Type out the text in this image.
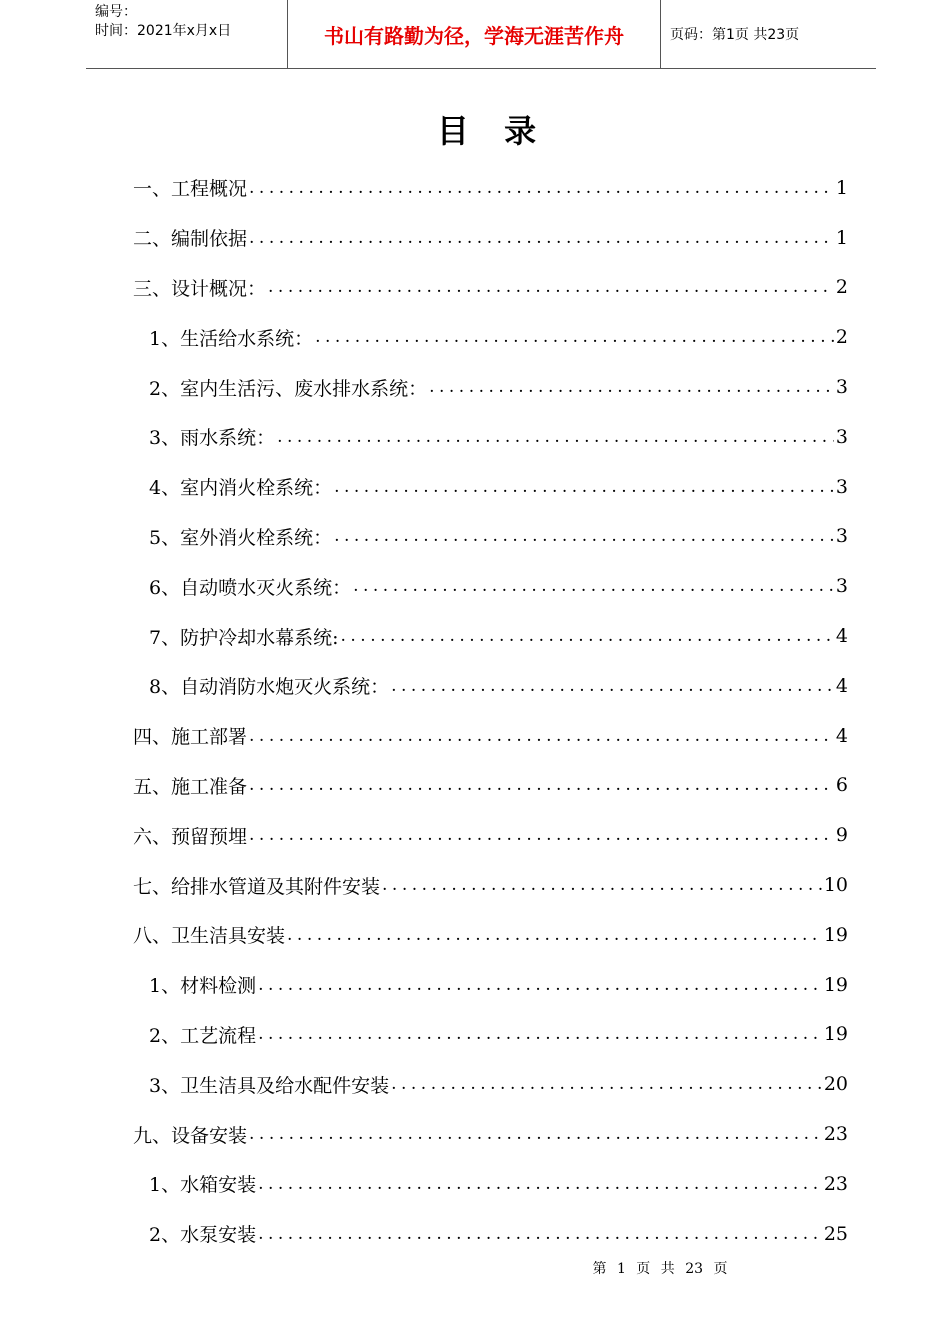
编号：
时间：2021年x月x日	书山有路勤为径，学海无涯苦作舟	页码：第1页 共23页
目 录
一、工程概况 .....	1
二、编制依据 .....	1
三、设计概况： .....	2
1、生活给水系统： .....	2
2、室内生活污、废水排水系统： .....	3
3、雨水系统： .....	3
4、室内消火栓系统： .....	3
5、室外消火栓系统： .....	3
6、自动喷水灭火系统： .....	3
7、防护冷却水幕系统: .....	4
8、自动消防水炮灭火系统： .....	4
四、施工部署 .....	4
五、施工准备 .....	6
六、预留预埋 .....	9
七、给排水管道及其附件安装 .....	10
八、卫生洁具安装 .....	19
1、材料检测 .....	19
2、工艺流程 .....	19
3、卫生洁具及给水配件安装 .....	20
九、设备安装 .....	23
1、水箱安装 .....	23
2、水泵安装 .....	25
第 1 页 共 23 页
